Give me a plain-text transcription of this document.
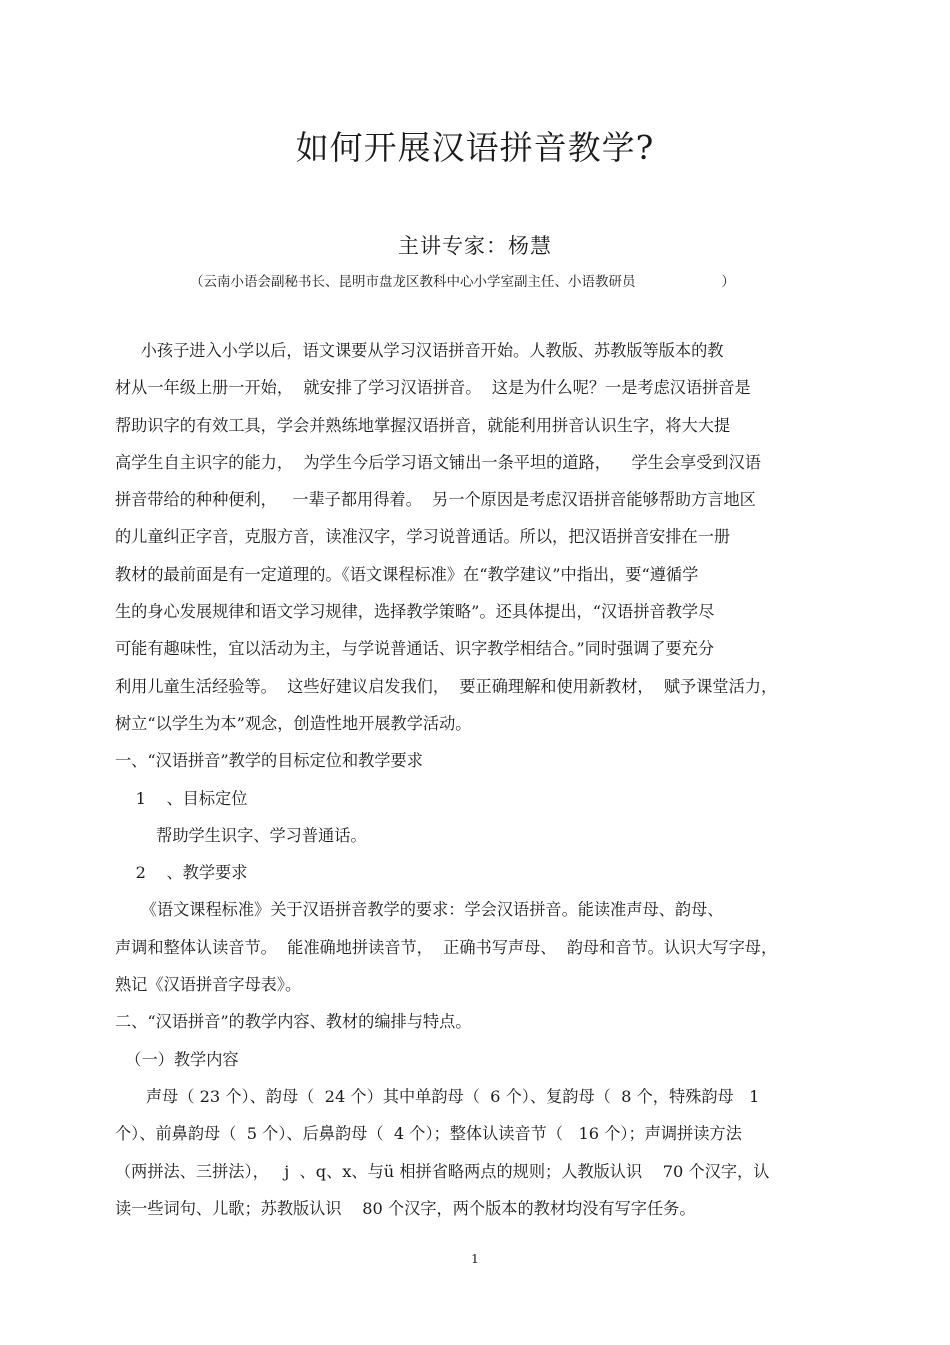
如何开展汉语拼音教学?
主讲专家：杨慧
（云南小语会副秘书长、昆明市盘龙区教科中心小学室副主任、小语教研员                    ）
小孩子进入小学以后，语文课要从学习汉语拼音开始。人教版、苏教版等版本的教
材从一年级上册一开始，  就安排了学习汉语拼音。  这是为什么呢？一是考虑汉语拼音是
帮助识字的有效工具，学会并熟练地掌握汉语拼音，就能利用拼音认识生字，将大大提
高学生自主识字的能力，  为学生今后学习语文铺出一条平坦的道路，    学生会享受到汉语
拼音带给的种种便利，   一辈子都用得着。  另一个原因是考虑汉语拼音能够帮助方言地区
的儿童纠正字音，克服方音，读准汉字，学习说普通话。所以，把汉语拼音安排在一册
教材的最前面是有一定道理的。《语文课程标准》在“教学建议”中指出，要“遵循学
生的身心发展规律和语文学习规律，选择教学策略”。还具体提出，“汉语拼音教学尽
可能有趣味性，宜以活动为主，与学说普通话、识字教学相结合。”同时强调了要充分
利用儿童生活经验等。  这些好建议启发我们，  要正确理解和使用新教材，  赋予课堂活力，
树立“以学生为本”观念，创造性地开展教学活动。
一、“汉语拼音”教学的目标定位和教学要求
1    、目标定位
帮助学生识字、学习普通话。
2    、教学要求
《语文课程标准》关于汉语拼音教学的要求：学会汉语拼音。能读准声母、韵母、
声调和整体认读音节。  能准确地拼读音节，  正确书写声母、  韵母和音节。认识大写字母，
熟记《汉语拼音字母表》。
二、“汉语拼音”的教学内容、教材的编排与特点。
（一）教学内容
声母（ 23 个）、韵母（  24 个）其中单韵母（  6 个）、复韵母（  8 个，特殊韵母   1
个）、前鼻韵母（  5 个）、后鼻韵母（  4 个）；整体认读音节（   16 个）；声调拼读方法
（两拼法、三拼法），   j  、q、x、与ü 相拼省略两点的规则；人教版认识    70 个汉字，认
读一些词句、儿歌；苏教版认识    80 个汉字，两个版本的教材均没有写字任务。
1
